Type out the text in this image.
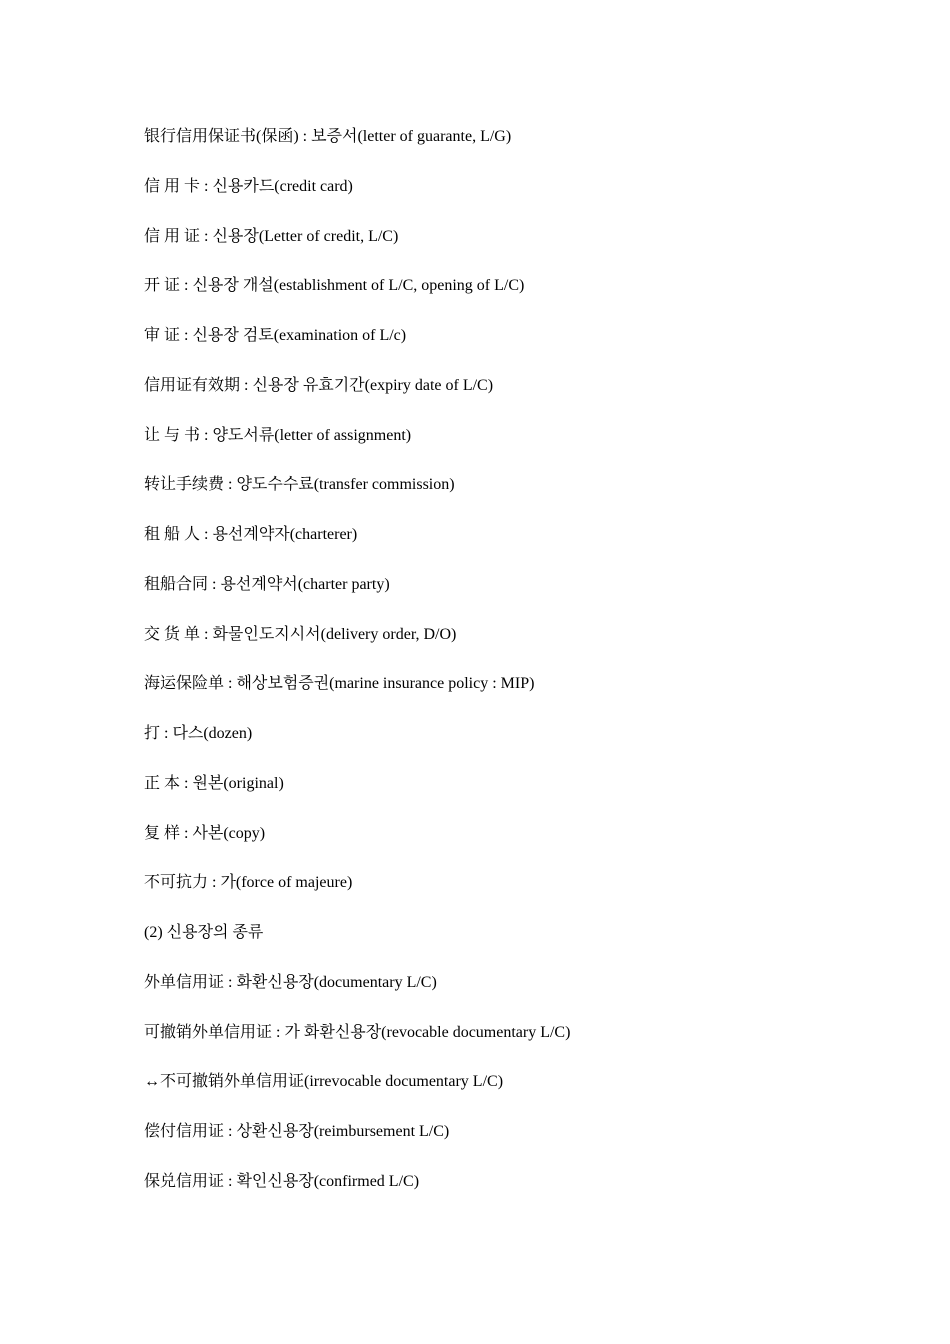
银行信用保证书(保函) : 보증서(letter of guarante, L/G)
信 用 卡 : 신용카드(credit card)
信 用 证 : 신용장(Letter of credit, L/C)
开 证 : 신용장 개설(establishment of L/C, opening of L/C)
审 证 : 신용장 검토(examination of L/c)
信用证有效期 : 신용장 유효기간(expiry date of L/C)
让 与 书 : 양도서류(letter of assignment)
转让手续费 : 양도수수료(transfer commission)
租 船 人 : 용선계약자(charterer)
租船合同 : 용선계약서(charter party)
交 货 单 : 화물인도지시서(delivery order, D/O)
海运保险单 : 해상보험증권(marine insurance policy : MIP)
打 : 다스(dozen)
正 本 : 원본(original)
复 样 : 사본(copy)
不可抗力 : 가(force of majeure)
(2) 신용장의 종류
外单信用证 : 화환신용장(documentary L/C)
可撤销外单信用证 : 가 화환신용장(revocable documentary L/C)
↔不可撤销外单信用证(irrevocable documentary L/C)
偿付信用证 : 상환신용장(reimbursement L/C)
保兑信用证 : 확인신용장(confirmed L/C)
